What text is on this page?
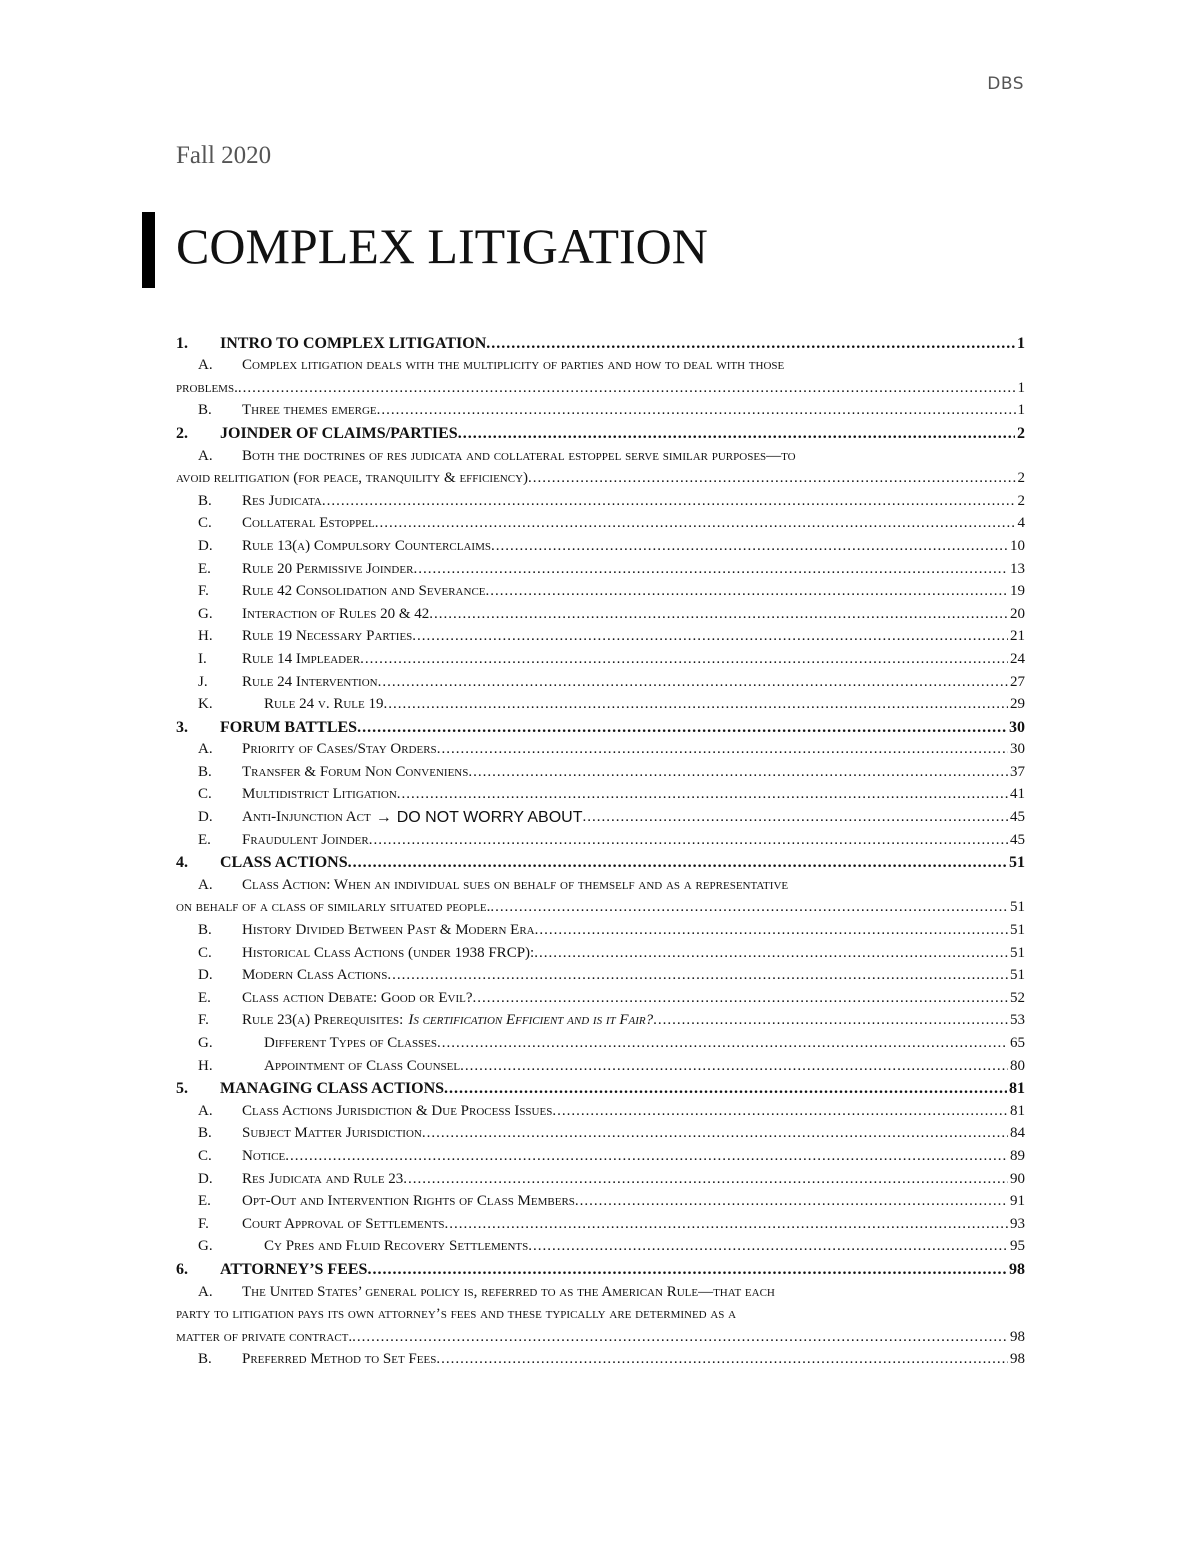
DBS
Fall 2020
COMPLEX LITIGATION
1.	INTRO TO COMPLEX LITIGATION .....	1
A.	Complex litigation deals with the multiplicity of parties and how to deal with those
problems. .....	1
B.	Three themes emerge .....	1
2.	JOINDER OF CLAIMS/PARTIES .....	2
A.	Both the doctrines of res judicata and collateral estoppel serve similar purposes—to
avoid relitigation (for peace, tranquility & efficiency) .....	2
B.	Res Judicata .....	2
C.	Collateral Estoppel .....	4
D.	Rule 13(a) Compulsory Counterclaims .....	10
E.	Rule 20 Permissive Joinder .....	13
F.	Rule 42 Consolidation and Severance .....	19
G.	Interaction of Rules 20 & 42 .....	20
H.	Rule 19 Necessary Parties .....	21
I.	Rule 14 Impleader .....	24
J.	Rule 24 Intervention .....	27
K.	Rule 24 v. Rule 19 .....	29
3.	FORUM BATTLES .....	30
A.	Priority of Cases/Stay Orders .....	30
B.	Transfer & Forum Non Conveniens .....	37
C.	Multidistrict Litigation .....	41
D.	Anti-Injunction Act → DO NOT WORRY ABOUT .....	45
E.	Fraudulent Joinder .....	45
4.	CLASS ACTIONS .....	51
A.	Class Action: When an individual sues on behalf of themself and as a representative
on behalf of a class of similarly situated people. .....	51
B.	History Divided Between Past & Modern Era .....	51
C.	Historical Class Actions (under 1938 FRCP): .....	51
D.	Modern Class Actions .....	51
E.	Class action Debate: Good or Evil? .....	52
F.	Rule 23(a) Prerequisites: Is certification Efficient and is it Fair? .....	53
G.	Different Types of Classes .....	65
H.	Appointment of Class Counsel .....	80
5.	MANAGING CLASS ACTIONS .....	81
A.	Class Actions Jurisdiction & Due Process Issues .....	81
B.	Subject Matter Jurisdiction .....	84
C.	Notice .....	89
D.	Res Judicata and Rule 23 .....	90
E.	Opt-Out and Intervention Rights of Class Members .....	91
F.	Court Approval of Settlements .....	93
G.	Cy Pres and Fluid Recovery Settlements .....	95
6.	ATTORNEY’S FEES .....	98
A.	The United States’ general policy is, referred to as the American Rule—that each
party to litigation pays its own attorney’s fees and these typically are determined as a
matter of private contract. .....	98
B.	Preferred Method to Set Fees .....	98
